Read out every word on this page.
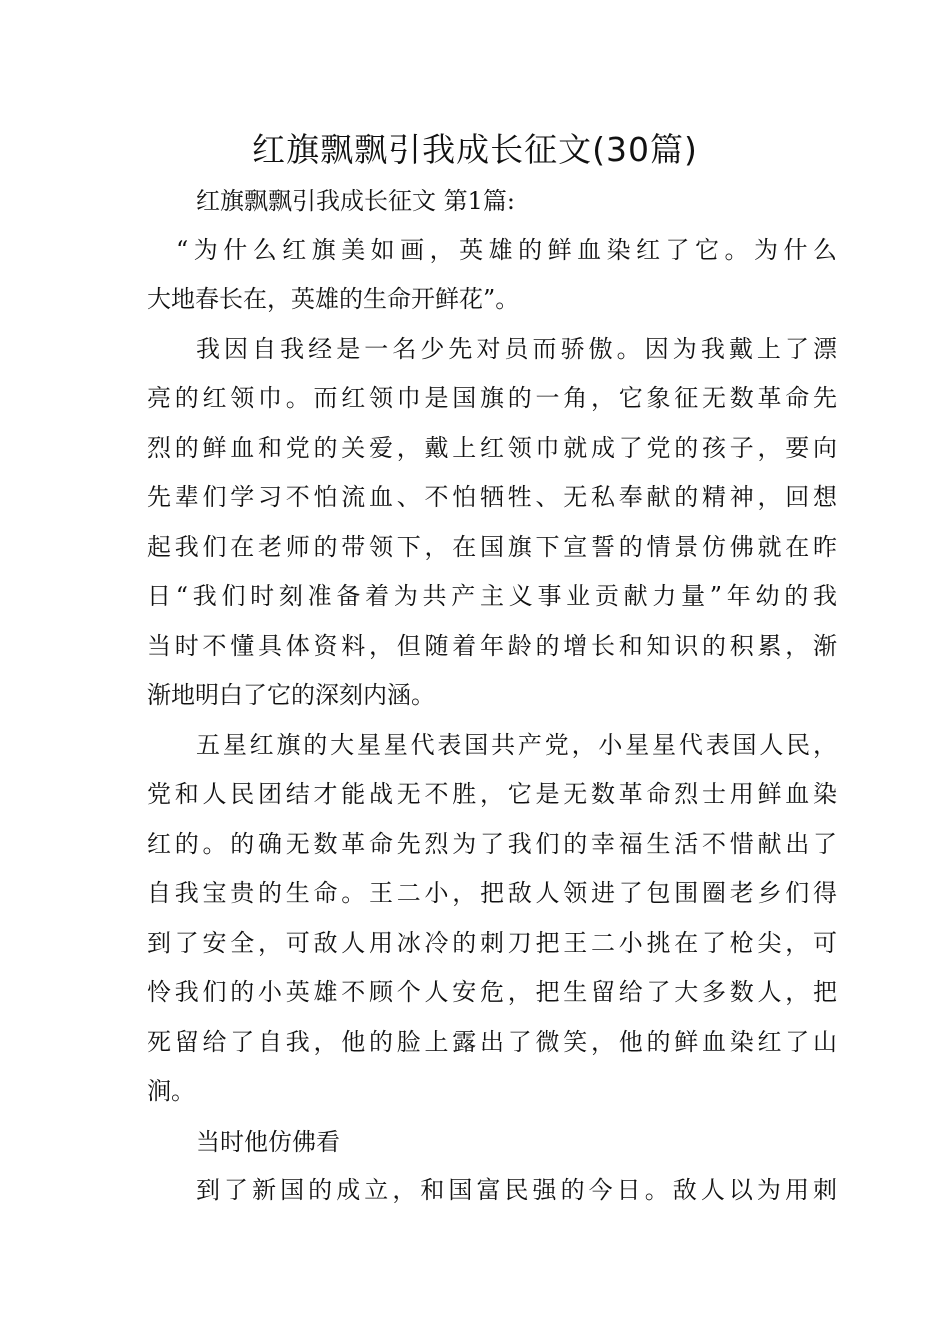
红旗飘飘引我成长征文(30篇)
红旗飘飘引我成长征文 第1篇:
“为什么红旗美如画，英雄的鲜血染红了它。为什么
大地春长在，英雄的生命开鲜花”。
我因自我经是一名少先对员而骄傲。因为我戴上了漂
亮的红领巾。而红领巾是国旗的一角，它象征无数革命先
烈的鲜血和党的关爱，戴上红领巾就成了党的孩子，要向
先辈们学习不怕流血、不怕牺牲、无私奉献的精神，回想
起我们在老师的带领下，在国旗下宣誓的情景仿佛就在昨
日“我们时刻准备着为共产主义事业贡献力量”年幼的我
当时不懂具体资料，但随着年龄的增长和知识的积累，渐
渐地明白了它的深刻内涵。
五星红旗的大星星代表国共产党，小星星代表国人民，
党和人民团结才能战无不胜，它是无数革命烈士用鲜血染
红的。的确无数革命先烈为了我们的幸福生活不惜献出了
自我宝贵的生命。王二小，把敌人领进了包围圈老乡们得
到了安全，可敌人用冰冷的刺刀把王二小挑在了枪尖，可
怜我们的小英雄不顾个人安危，把生留给了大多数人，把
死留给了自我，他的脸上露出了微笑，他的鲜血染红了山
涧。
当时他仿佛看
到了新国的成立，和国富民强的今日。敌人以为用刺
